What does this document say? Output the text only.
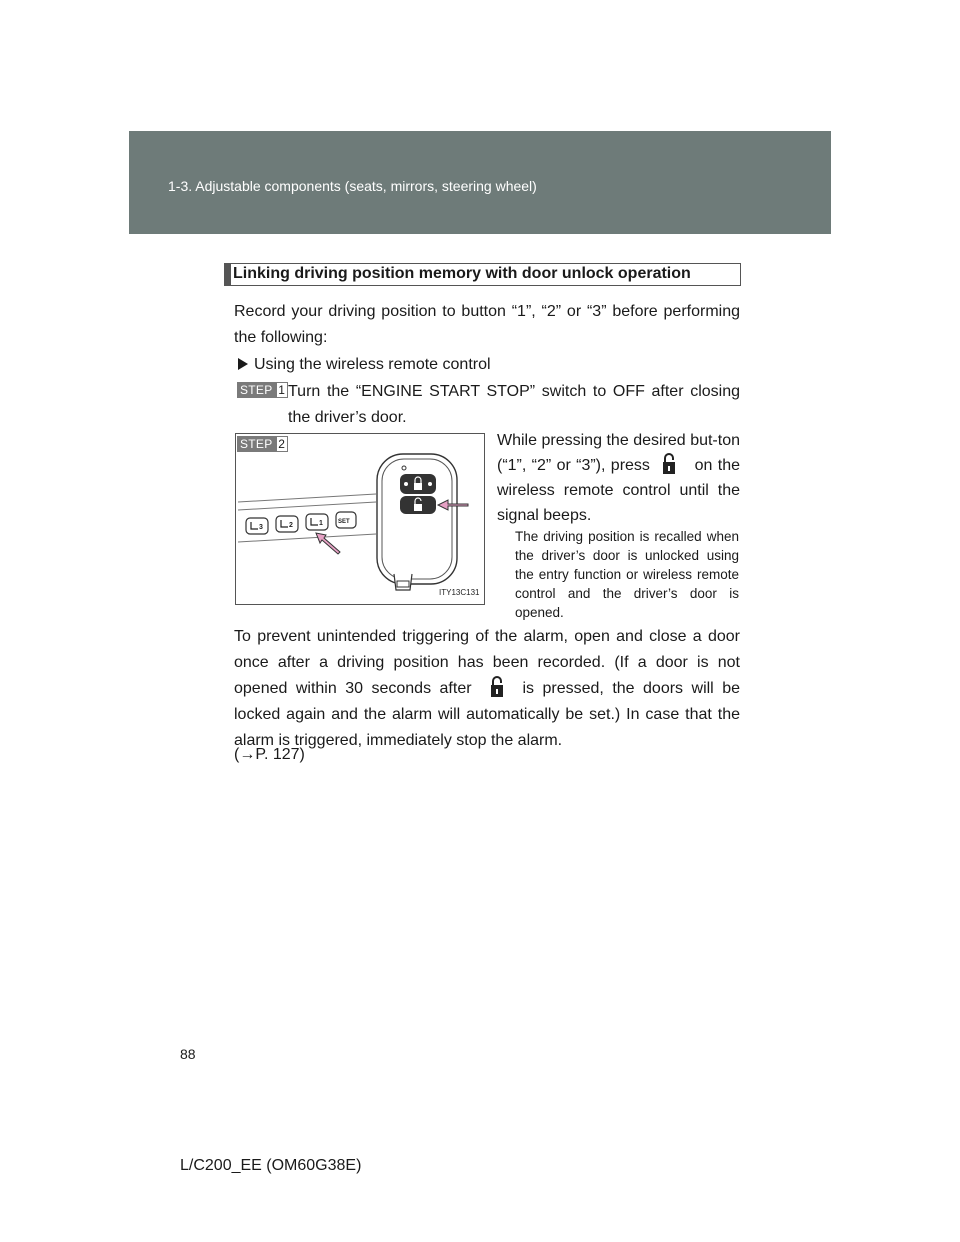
1-3. Adjustable components (seats, mirrors, steering wheel)
Linking driving position memory with door unlock operation
Record your driving position to button “1”, “2” or “3” before performing the following:
Using the wireless remote control
STEP 1 Turn the “ENGINE START STOP” switch to OFF after closing the driver’s door.
3	2	1	SET
ITY13C131
STEP 2	While pressing the desired but-ton (“1”, “2” or “3”), press	on the wireless remote control until the signal beeps.
The driving position is recalled when the driver’s door is unlocked using the entry function or wireless remote control and the driver’s door is opened.
To prevent unintended triggering of the alarm, open and close a door once after a driving position has been recorded. (If a door is not opened within 30 seconds after	is pressed, the doors will be locked again and the alarm will automatically be set.) In case that the alarm is triggered, immediately stop the alarm.
(→P. 127)
88
L/C200_EE (OM60G38E)
